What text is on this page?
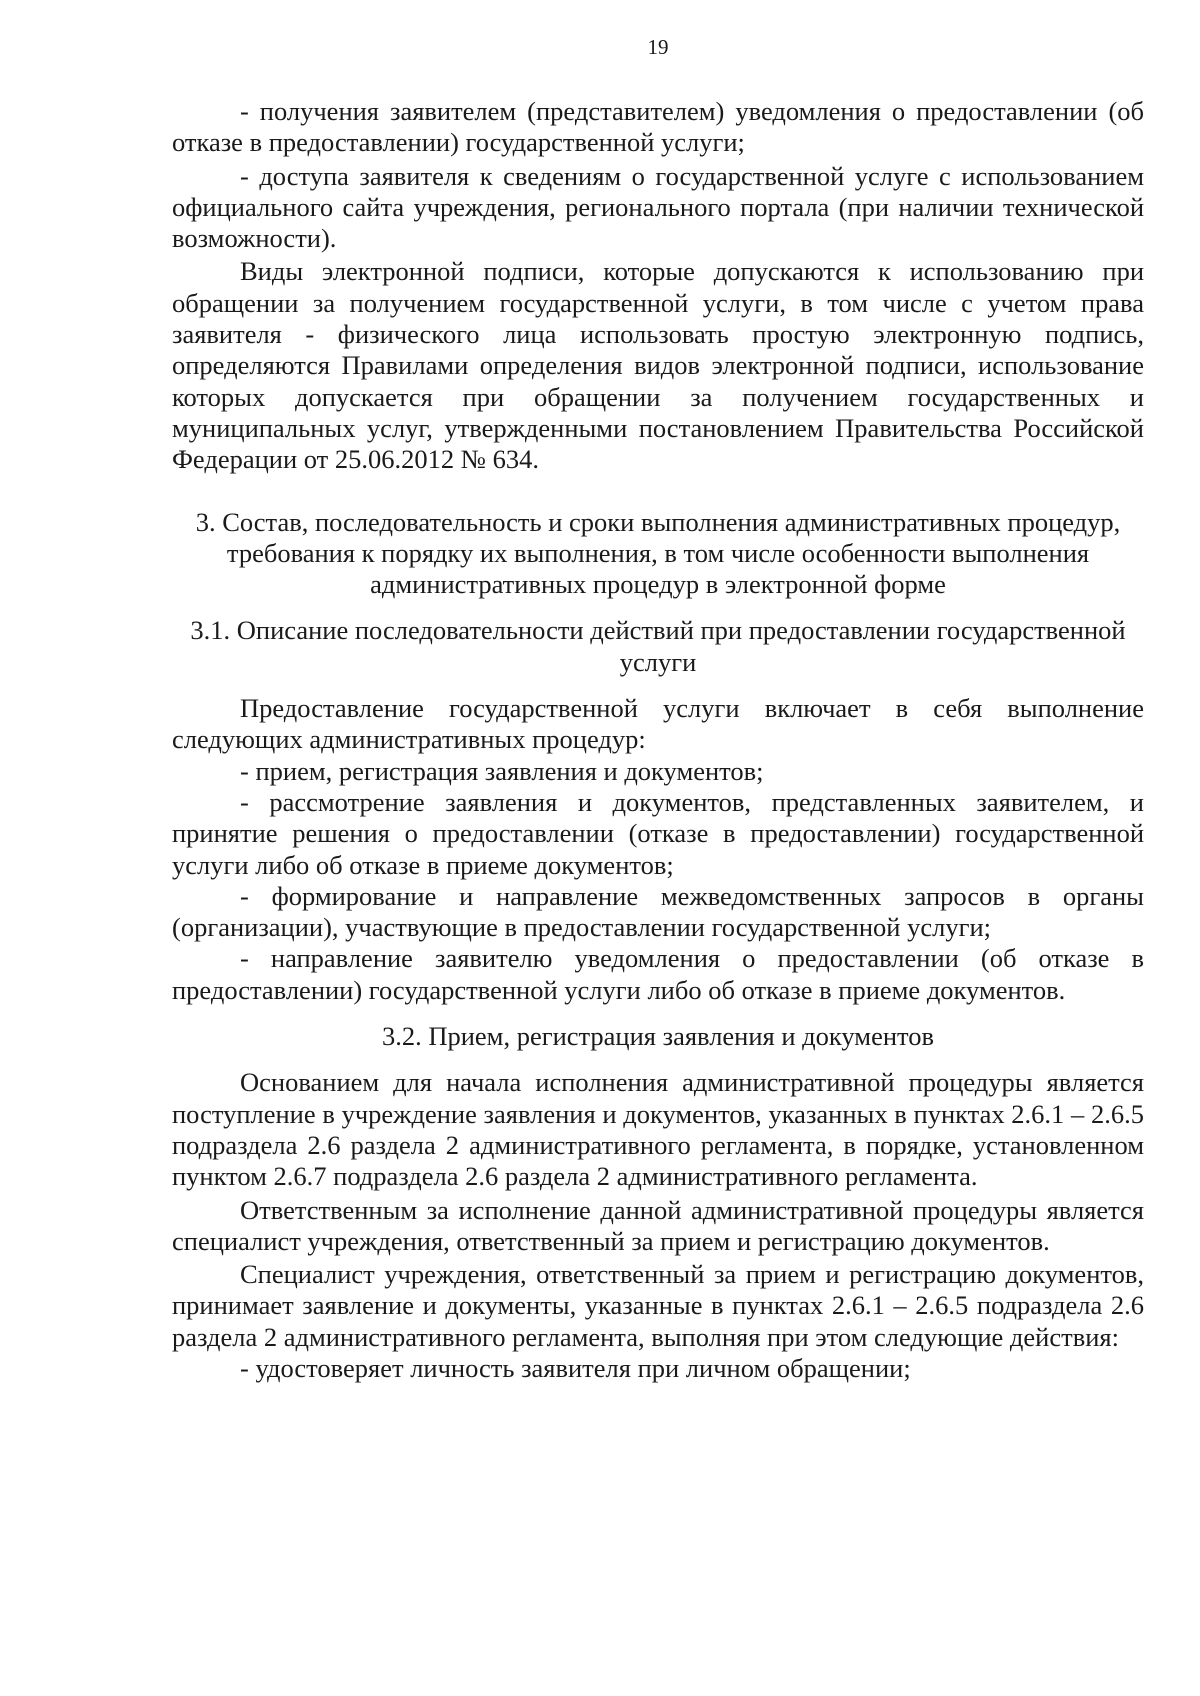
19

- получения заявителем (представителем) уведомления о предоставлении (об отказе в предоставлении) государственной услуги;

- доступа заявителя к сведениям о государственной услуге с использованием официального сайта учреждения, регионального портала (при наличии технической возможности).

Виды электронной подписи, которые допускаются к использованию при обращении за получением государственной услуги, в том числе с учетом права заявителя - физического лица использовать простую электронную подпись, определяются Правилами определения видов электронной подписи, использование которых допускается при обращении за получением государственных и муниципальных услуг, утвержденными постановлением Правительства Российской Федерации от 25.06.2012 № 634.

3. Состав, последовательность и сроки выполнения административных процедур, требования к порядку их выполнения, в том числе особенности выполнения административных процедур в электронной форме

3.1. Описание последовательности действий при предоставлении государственной услуги

Предоставление государственной услуги включает в себя выполнение следующих административных процедур:

- прием, регистрация заявления и документов;

- рассмотрение заявления и документов, представленных заявителем, и принятие решения о предоставлении (отказе в предоставлении) государственной услуги либо об отказе в приеме документов;

- формирование и направление межведомственных запросов в органы (организации), участвующие в предоставлении государственной услуги;

- направление заявителю уведомления о предоставлении (об отказе в предоставлении) государственной услуги либо об отказе в приеме документов.

3.2. Прием, регистрация заявления и документов

Основанием для начала исполнения административной процедуры является поступление в учреждение заявления и документов, указанных в пунктах 2.6.1 – 2.6.5 подраздела 2.6 раздела 2 административного регламента, в порядке, установленном пунктом 2.6.7 подраздела 2.6 раздела 2 административного регламента.

Ответственным за исполнение данной административной процедуры является специалист учреждения, ответственный за прием и регистрацию документов.

Специалист учреждения, ответственный за прием и регистрацию документов, принимает заявление и документы, указанные в пунктах 2.6.1 – 2.6.5 подраздела 2.6 раздела 2 административного регламента, выполняя при этом следующие действия:

- удостоверяет личность заявителя при личном обращении;
